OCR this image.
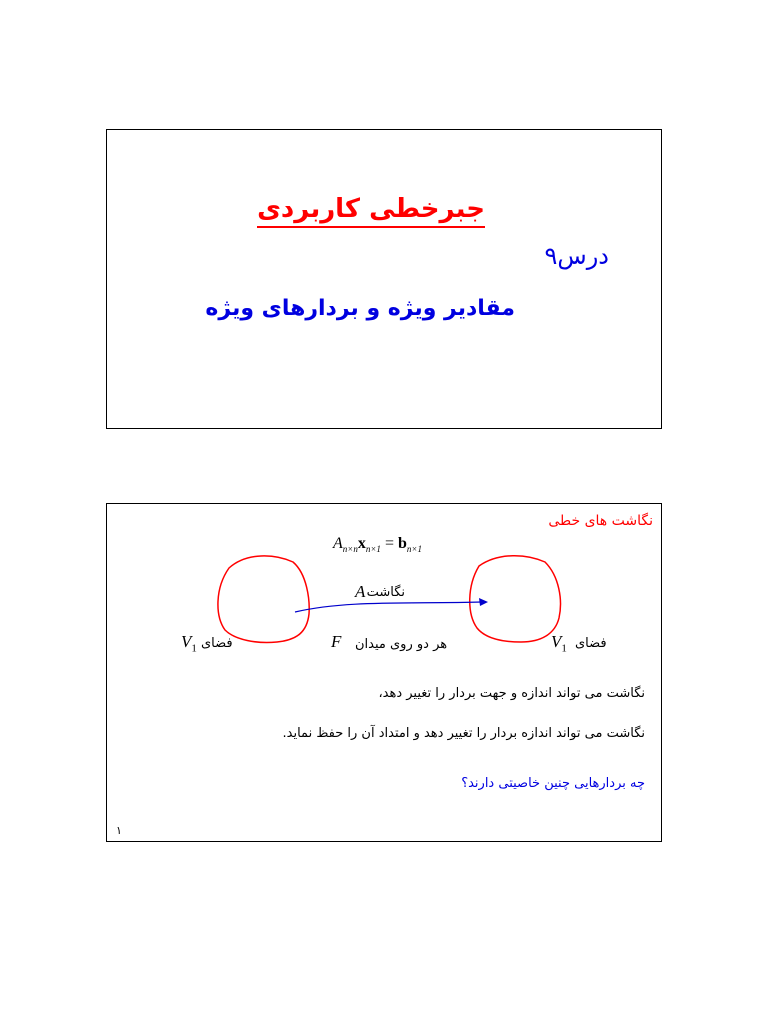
جبرخطی کاربردی
درس۹
مقادیر ویژه و بردارهای ویژه
نگاشت های خطی
$A_{n\times n}x_{n\times 1} = b_{n\times 1}$
نگاشت
A
فضای
$V_1$	فضای
$V_1$
هر دو روی میدان
F
نگاشت می تواند اندازه و جهت بردار را تغییر دهد،
نگاشت می تواند اندازه بردار را تغییر دهد و امتداد آن را حفظ نماید.
چه بردارهایی چنین خاصیتی دارند؟
۱
